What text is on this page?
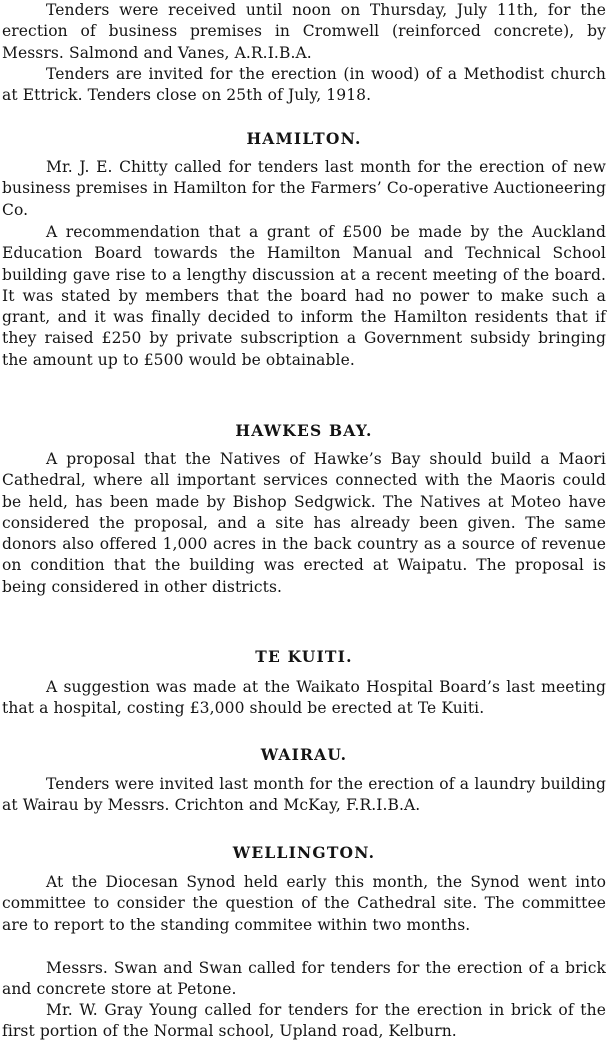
Tenders were received until noon on Thursday, July 11th, for the erection of business premises in Cromwell (reinforced concrete), by Messrs. Salmond and Vanes, A.R.I.B.A.

Tenders are invited for the erection (in wood) of a Methodist church at Ettrick. Tenders close on 25th of July, 1918.

HAMILTON.

Mr. J. E. Chitty called for tenders last month for the erection of new business premises in Hamilton for the Farmers’ Co-operative Auctioneering Co.

A recommendation that a grant of £500 be made by the Auckland Education Board towards the Hamilton Manual and Technical School building gave rise to a lengthy discussion at a recent meeting of the board. It was stated by members that the board had no power to make such a grant, and it was finally decided to inform the Hamilton residents that if they raised £250 by private subscription a Government subsidy bringing the amount up to £500 would be obtainable.

HAWKES BAY.

A proposal that the Natives of Hawke’s Bay should build a Maori Cathedral, where all important services connected with the Maoris could be held, has been made by Bishop Sedgwick. The Natives at Moteo have considered the proposal, and a site has already been given. The same donors also offered 1,000 acres in the back country as a source of revenue on condition that the building was erected at Waipatu. The proposal is being considered in other districts.

TE KUITI.

A suggestion was made at the Waikato Hospital Board’s last meeting that a hospital, costing £3,000 should be erected at Te Kuiti.

WAIRAU.

Tenders were invited last month for the erection of a laundry building at Wairau by Messrs. Crichton and McKay, F.R.I.B.A.

WELLINGTON.

At the Diocesan Synod held early this month, the Synod went into committee to consider the question of the Cathedral site. The committee are to report to the standing commitee within two months.

Messrs. Swan and Swan called for tenders for the erection of a brick and concrete store at Petone.

Mr. W. Gray Young called for tenders for the erection in brick of the first portion of the Normal school, Upland road, Kelburn.
